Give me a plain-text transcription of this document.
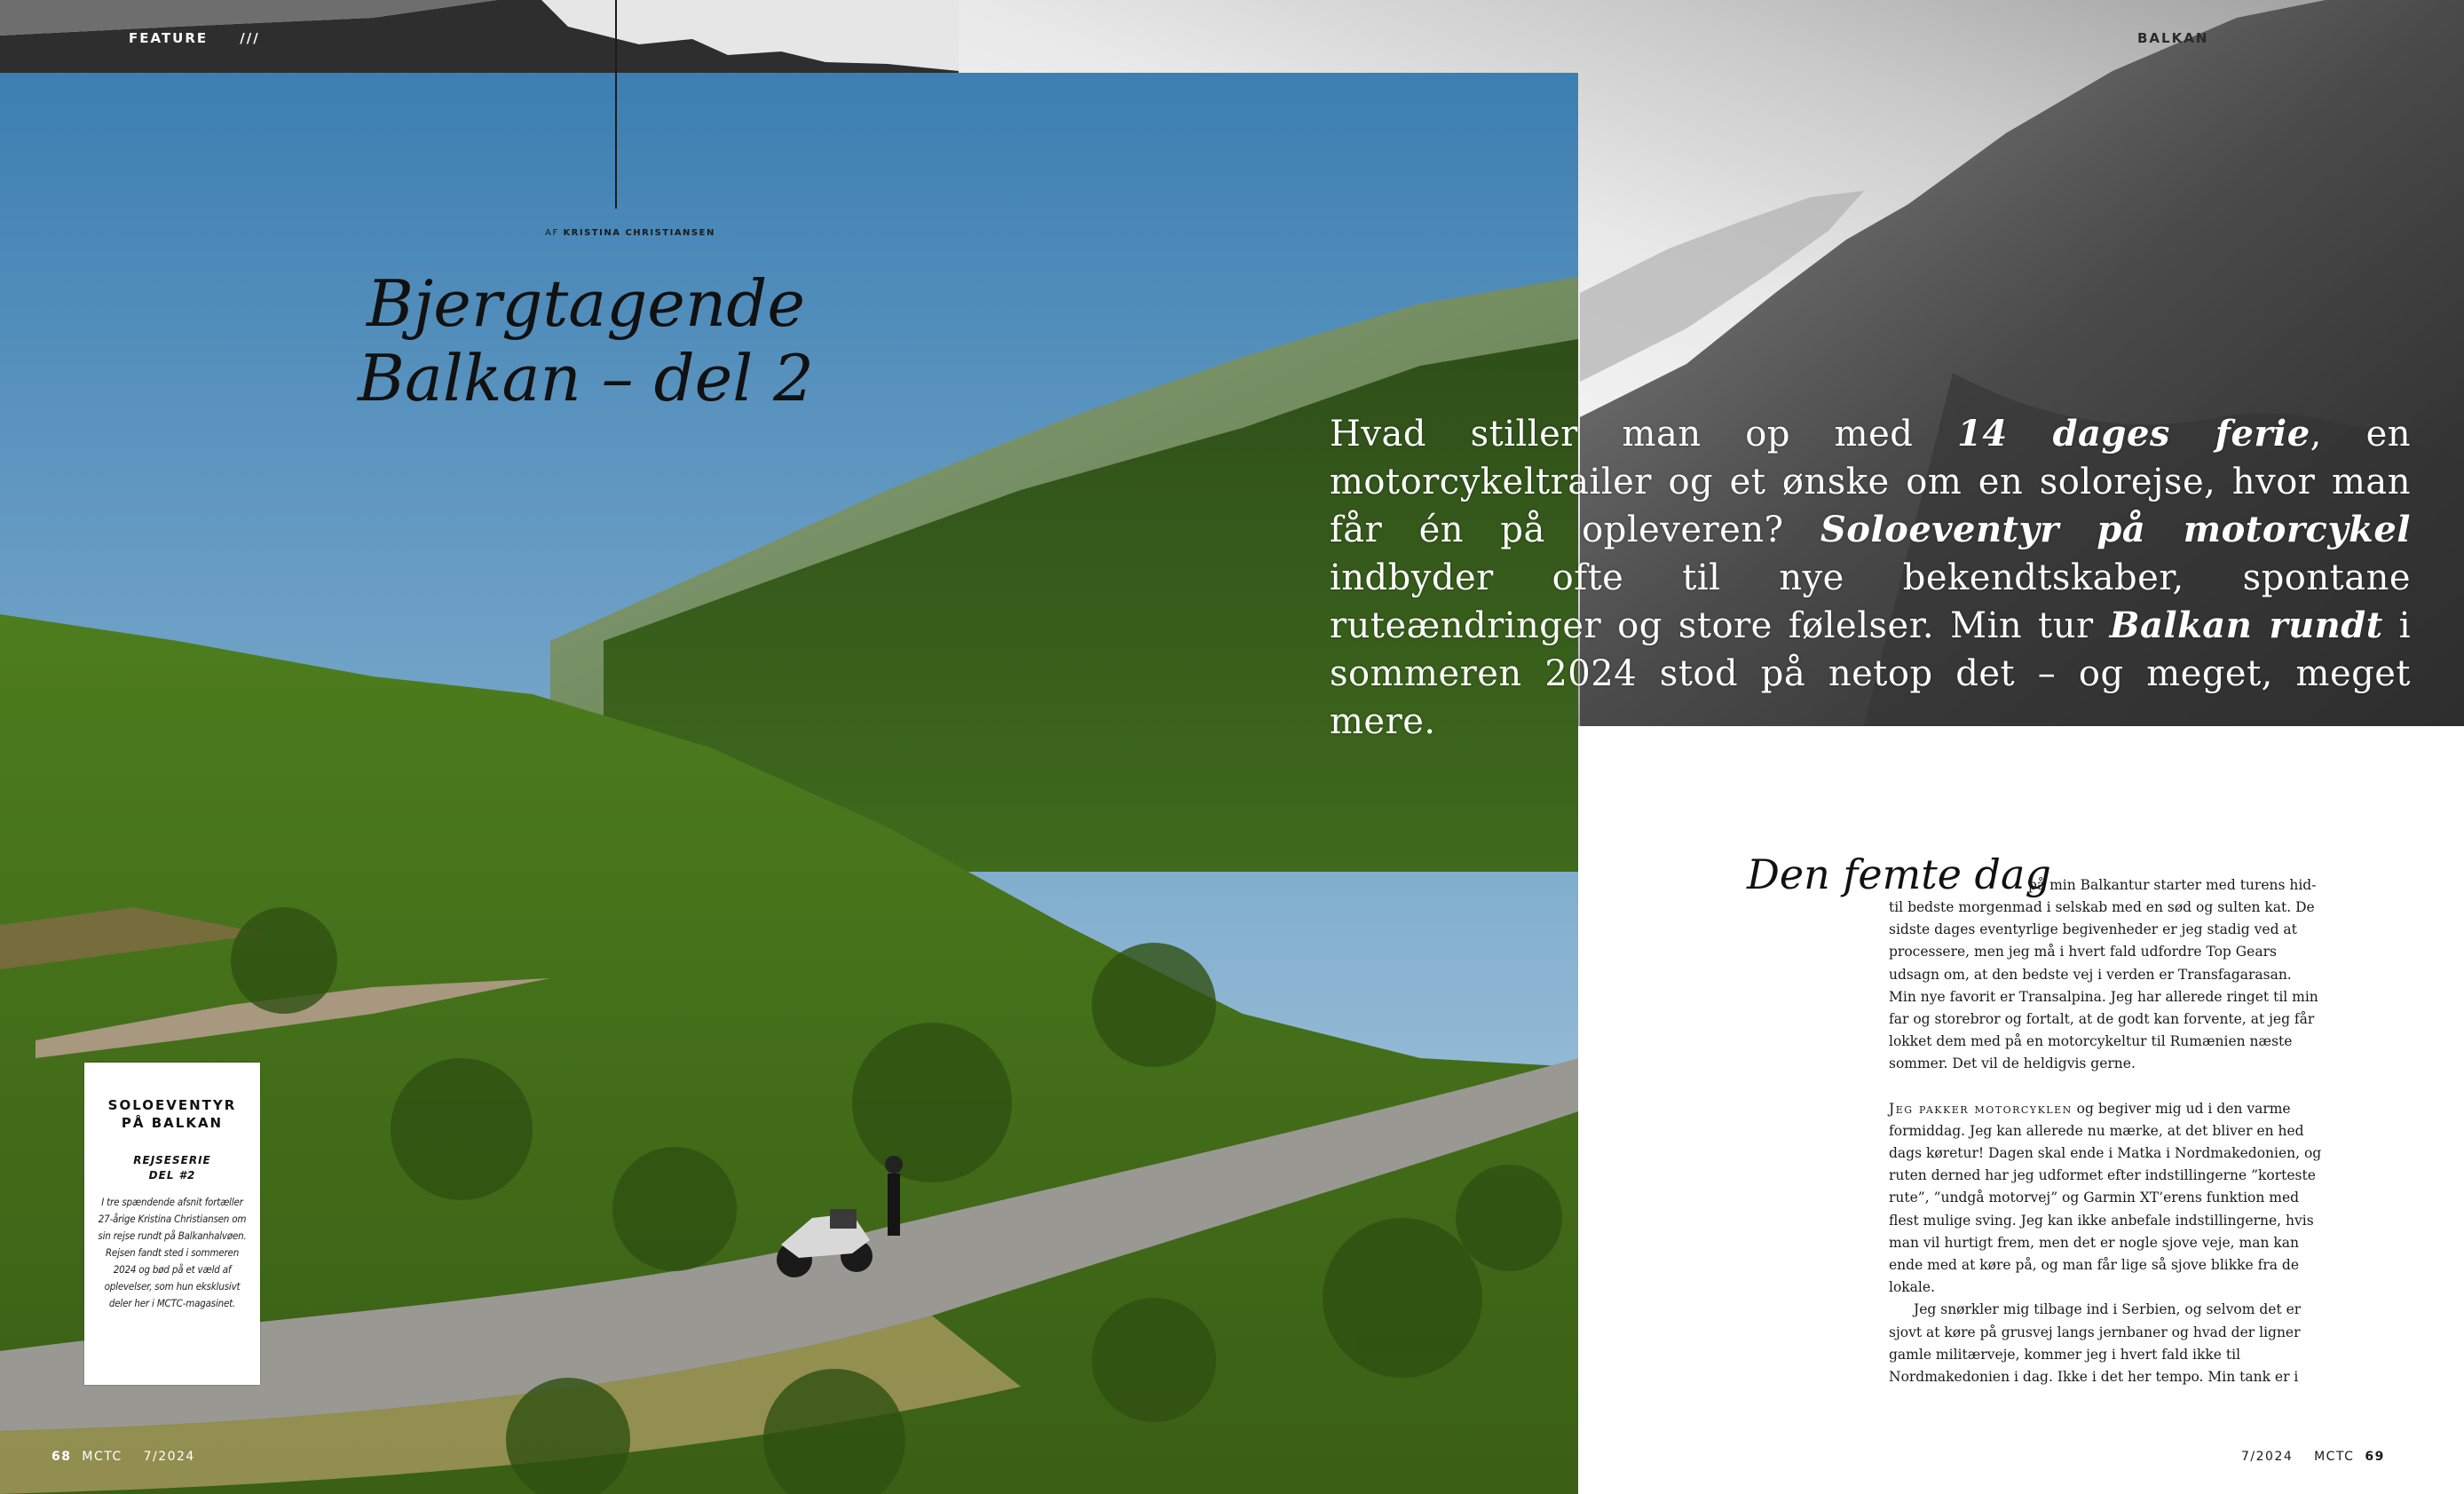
FEATURE ///	BALKAN
AF KRISTINA CHRISTIANSEN
Bjergtagende
Balkan – del 2
Hvad stiller man op med 14 dages ferie, en motorcykeltrailer og et ønske om en solorejse, hvor man får én på opleveren? Soloeventyr på motorcykel indbyder ofte til nye bekendtskaber, spontane ruteændringer og store følelser. Min tur Balkan rundt i sommeren 2024 stod på netop det – og meget, meget mere.
SOLOEVENTYR
PÅ BALKAN
REJSESERIE
DEL #2
I tre spændende afsnit fortæller 27-årige Kristina Christiansen om sin rejse rundt på Balkanhalvøen. Rejsen fandt sted i sommeren 2024 og bød på et væld af oplevelser, som hun eksklusivt deler her i MCTC-magasinet.
Den femte dag
på min Balkantur starter med turens hid-

til bedste morgenmad i selskab med en sød og sulten kat. De sidste dages eventyrlige begivenheder er jeg stadig ved at processere, men jeg må i hvert fald udfordre Top Gears udsagn om, at den bedste vej i verden er Transfagarasan. Min nye favorit er Transalpina. Jeg har allerede ringet til min far og storebror og fortalt, at de godt kan forvente, at jeg får lokket dem med på en motorcykeltur til Rumænien næste sommer. Det vil de heldigvis gerne.

Jeg pakker motorcyklen og begiver mig ud i den varme formiddag. Jeg kan allerede nu mærke, at det bliver en hed dags køretur! Dagen skal ende i Matka i Nordmakedonien, og ruten derned har jeg udformet efter indstillingerne ”korteste rute”, ”undgå motorvej” og Garmin XT’erens funktion med flest mulige sving. Jeg kan ikke anbefale indstillingerne, hvis man vil hurtigt frem, men det er nogle sjove veje, man kan ende med at køre på, og man får lige så sjove blikke fra de lokale.

Jeg snørkler mig tilbage ind i Serbien, og selvom det er sjovt at køre på grusvej langs jernbaner og hvad der ligner gamle militærveje, kommer jeg i hvert fald ikke til Nordmakedonien i dag. Ikke i det her tempo. Min tank er i

68 MCTC 7/2024	7/2024 MCTC 69
